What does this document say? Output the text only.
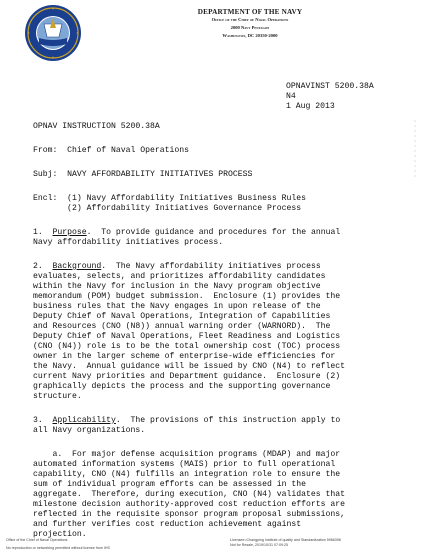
DEPARTMENT OF THE NAVY
Office of the Chief of Naval Operations
2000 Navy Pentagon
Washington, DC 20350-2000
OPNAVINST 5200.38A
N4
1 Aug 2013
OPNAV INSTRUCTION 5200.38A
From:  Chief of Naval Operations
Subj:  NAVY AFFORDABILITY INITIATIVES PROCESS
Encl:  (1) Navy Affordability Initiatives Business Rules
(2) Affordability Initiatives Governance Process
1.  Purpose.  To provide guidance and procedures for the annual
Navy affordability initiatives process.
2.  Background.  The Navy affordability initiatives process
evaluates, selects, and prioritizes affordability candidates
within the Navy for inclusion in the Navy program objective
memorandum (POM) budget submission.  Enclosure (1) provides the
business rules that the Navy engages in upon release of the
Deputy Chief of Naval Operations, Integration of Capabilities
and Resources (CNO (N8)) annual warning order (WARNORD).  The
Deputy Chief of Naval Operations, Fleet Readiness and Logistics
(CNO (N4)) role is to be the total ownership cost (TOC) process
owner in the larger scheme of enterprise-wide efficiencies for
the Navy.  Annual guidance will be issued by CNO (N4) to reflect
current Navy priorities and Department guidance.  Enclosure (2)
graphically depicts the process and the supporting governance
structure.
3.  Applicability.  The provisions of this instruction apply to
all Navy organizations.
a.  For major defense acquisition programs (MDAP) and major
automated information systems (MAIS) prior to full operational
capability, CNO (N4) fulfills an integration role to ensure the
sum of individual program efforts can be assessed in the
aggregate.  Therefore, during execution, CNO (N4) validates that
milestone decision authority-approved cost reduction efforts are
reflected in the requisite sponsor program proposal submissions,
and further verifies cost reduction achievement against
projection.
Office of the Chief of Naval Operations
No reproduction or networking permitted without license from IHS
Licensee=Changping Institute of quality and Standardization 5966398
Not for Resale, 2019/10/31 07:09:25
